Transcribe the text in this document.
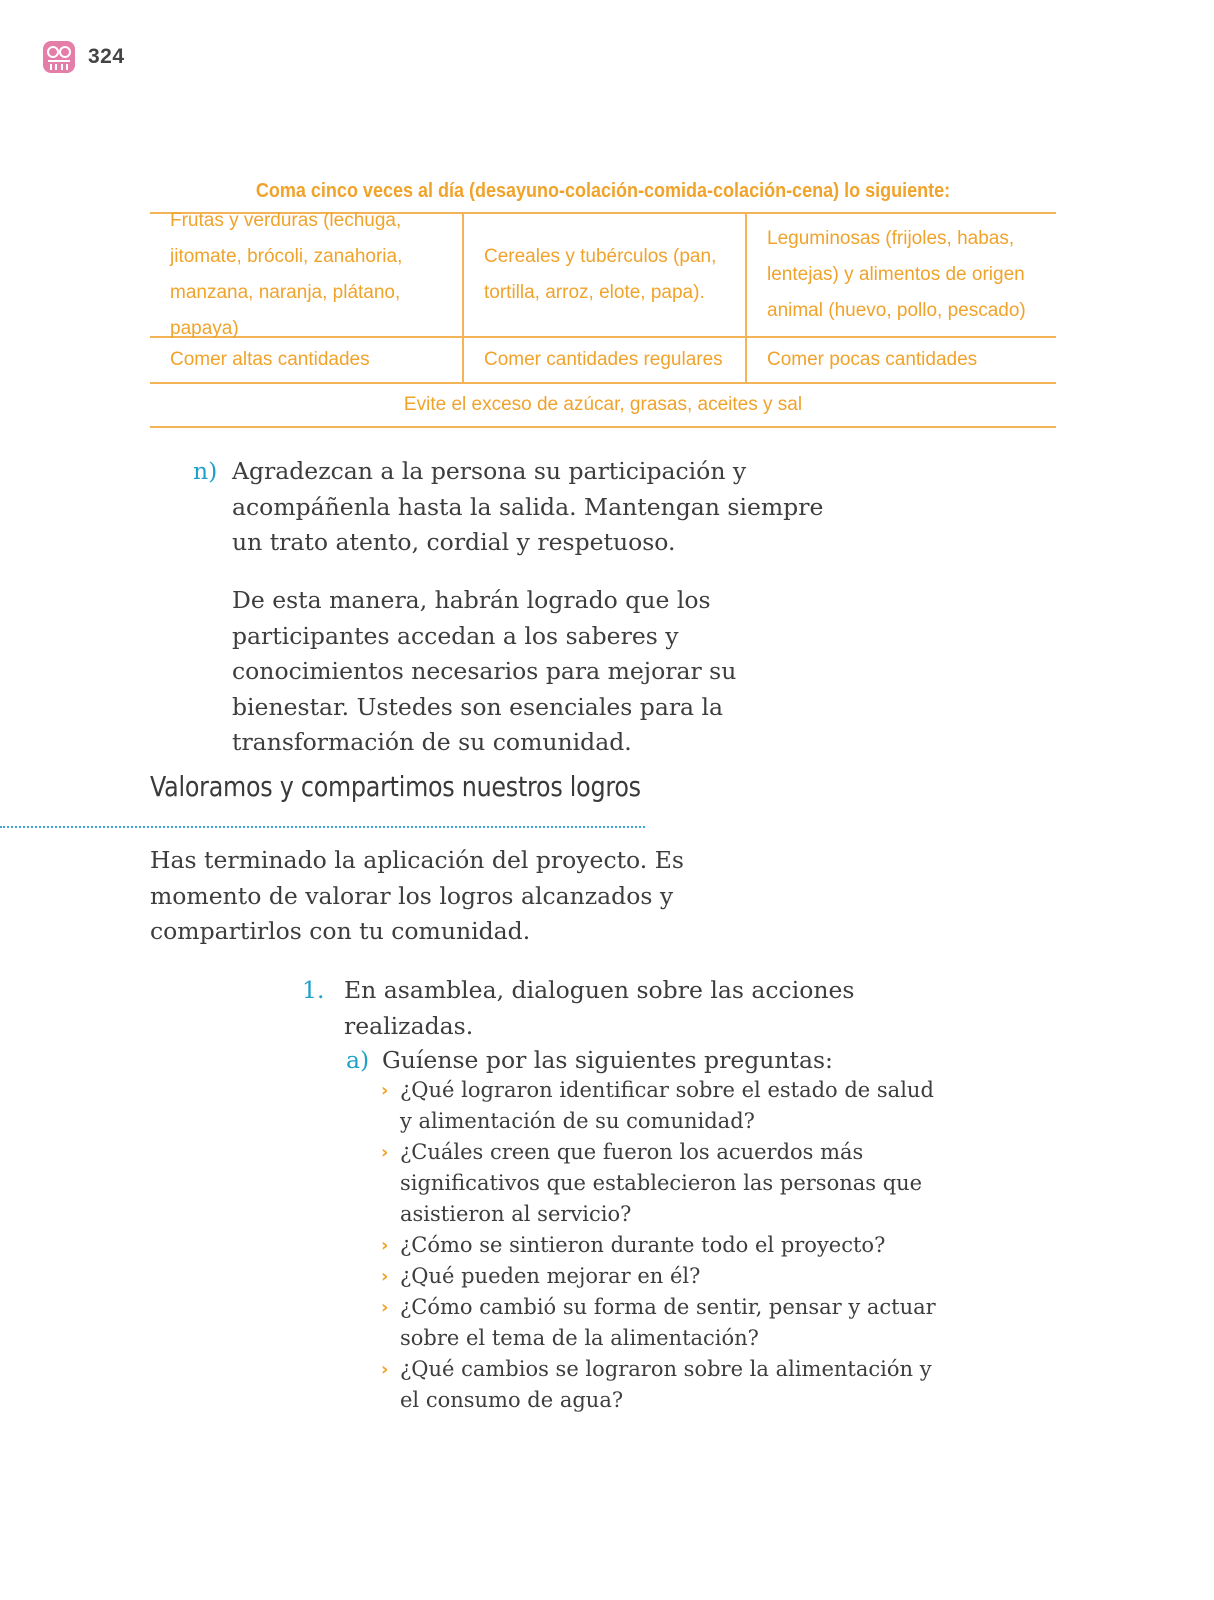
324
Coma cinco veces al día (desayuno-colación-comida-colación-cena) lo siguiente:
Frutas y verduras (lechuga, jitomate, brócoli, zanahoria, manzana, naranja, plátano, papaya)
Cereales y tubérculos (pan, tortilla, arroz, elote, papa).
Leguminosas (frijoles, habas, lentejas) y alimentos de origen animal (huevo, pollo, pescado)
Comer altas cantidades	Comer cantidades regulares	Comer pocas cantidades
Evite el exceso de azúcar, grasas, aceites y sal
n) Agradezcan a la persona su participación y acompáñenla hasta la salida. Mantengan siempre un trato atento, cordial y respetuoso.
De esta manera, habrán logrado que los participantes accedan a los saberes y conocimientos necesarios para mejorar su bienestar. Ustedes son esenciales para la transformación de su comunidad.
Valoramos y compartimos nuestros logros
Has terminado la aplicación del proyecto. Es momento de valorar los logros alcanzados y compartirlos con tu comunidad.
1. En asamblea, dialoguen sobre las acciones realizadas.
a) Guíense por las siguientes preguntas:
› ¿Qué lograron identificar sobre el estado de salud y alimentación de su comunidad?
› ¿Cuáles creen que fueron los acuerdos más significativos que establecieron las personas que asistieron al servicio?
› ¿Cómo se sintieron durante todo el proyecto?
› ¿Qué pueden mejorar en él?
› ¿Cómo cambió su forma de sentir, pensar y actuar sobre el tema de la alimentación?
› ¿Qué cambios se lograron sobre la alimentación y el consumo de agua?
